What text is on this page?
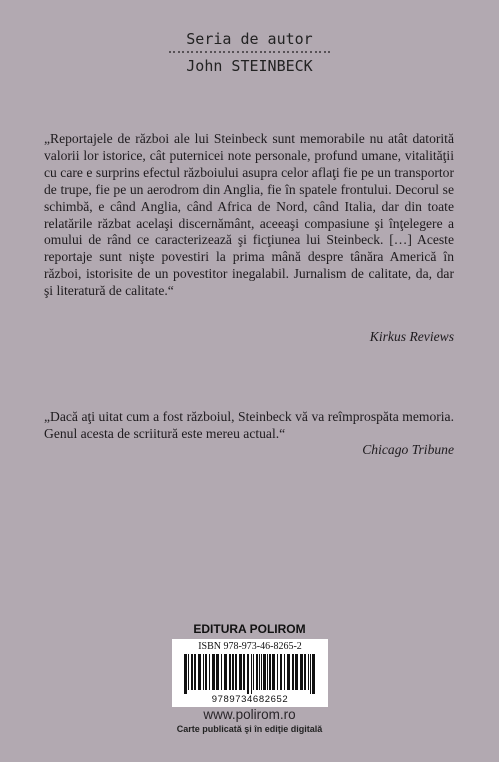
Seria de autor
John STEINBECK

„Reportajele de război ale lui Steinbeck sunt memorabile nu atât datorită valorii lor istorice, cât puternicei note personale, profund umane, vitalităţii cu care e surprins efectul războiului asupra celor aflaţi fie pe un transportor de trupe, fie pe un aerodrom din Anglia, fie în spatele frontului. Decorul se schimbă, e când Anglia, când Africa de Nord, când Italia, dar din toate relatările răzbat acelaşi discernământ, aceeaşi compasiune şi înţelegere a omului de rând ce caracterizează şi ficţiunea lui Steinbeck. […] Aceste reportaje sunt nişte povestiri la prima mână despre tânăra Americă în război, istorisite de un povestitor inegalabil. Jurnalism de calitate, da, dar şi literatură de calitate.“

Kirkus Reviews

„Dacă aţi uitat cum a fost războiul, Steinbeck vă va reîmprospăta memoria. Genul acesta de scriitură este mereu actual.“

Chicago Tribune
EDITURA POLIROM
ISBN 978-973-46-8265-2
9789734682652
www.polirom.ro
Carte publicată şi în ediţie digitală
